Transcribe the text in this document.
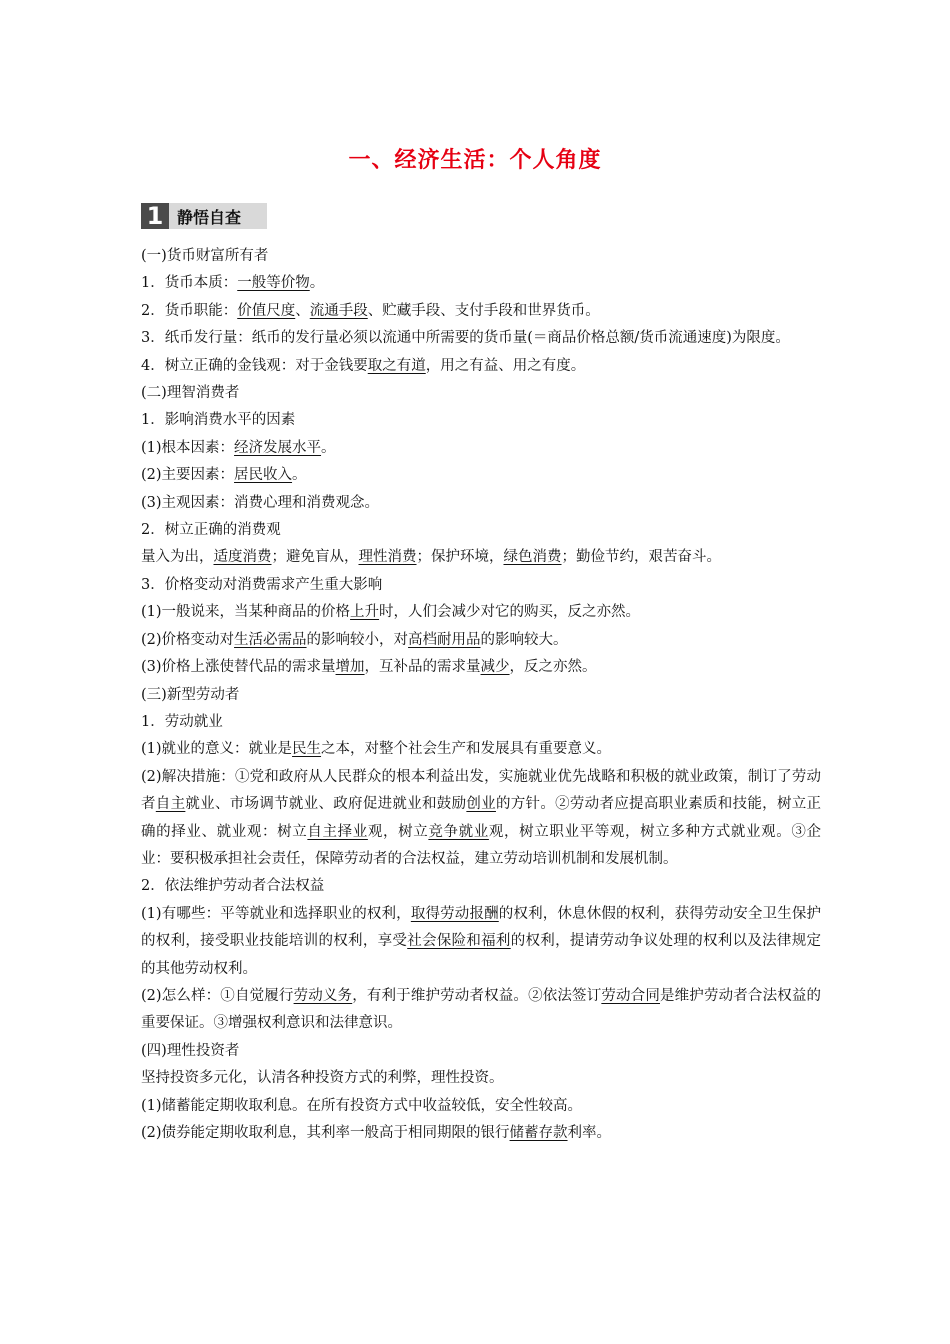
一、经济生活：个人角度
1 静悟自查

(一)货币财富所有者

1．货币本质：一般等价物。

2．货币职能：价值尺度、流通手段、贮藏手段、支付手段和世界货币。

3．纸币发行量：纸币的发行量必须以流通中所需要的货币量(＝商品价格总额/货币流通速度)为限度。

4．树立正确的金钱观：对于金钱要取之有道，用之有益、用之有度。

(二)理智消费者

1．影响消费水平的因素

(1)根本因素：经济发展水平。

(2)主要因素：居民收入。

(3)主观因素：消费心理和消费观念。

2．树立正确的消费观

量入为出，适度消费；避免盲从，理性消费；保护环境，绿色消费；勤俭节约，艰苦奋斗。

3．价格变动对消费需求产生重大影响

(1)一般说来，当某种商品的价格上升时，人们会减少对它的购买，反之亦然。

(2)价格变动对生活必需品的影响较小，对高档耐用品的影响较大。

(3)价格上涨使替代品的需求量增加，互补品的需求量减少，反之亦然。

(三)新型劳动者

1．劳动就业

(1)就业的意义：就业是民生之本，对整个社会生产和发展具有重要意义。

(2)解决措施：①党和政府从人民群众的根本利益出发，实施就业优先战略和积极的就业政策，制订了劳动者自主就业、市场调节就业、政府促进就业和鼓励创业的方针。②劳动者应提高职业素质和技能，树立正确的择业、就业观：树立自主择业观，树立竞争就业观，树立职业平等观，树立多种方式就业观。③企业：要积极承担社会责任，保障劳动者的合法权益，建立劳动培训机制和发展机制。

2．依法维护劳动者合法权益

(1)有哪些：平等就业和选择职业的权利，取得劳动报酬的权利，休息休假的权利，获得劳动安全卫生保护的权利，接受职业技能培训的权利，享受社会保险和福利的权利，提请劳动争议处理的权利以及法律规定的其他劳动权利。

(2)怎么样：①自觉履行劳动义务，有利于维护劳动者权益。②依法签订劳动合同是维护劳动者合法权益的重要保证。③增强权利意识和法律意识。

(四)理性投资者

坚持投资多元化，认清各种投资方式的利弊，理性投资。

(1)储蓄能定期收取利息。在所有投资方式中收益较低，安全性较高。

(2)债券能定期收取利息，其利率一般高于相同期限的银行储蓄存款利率。
